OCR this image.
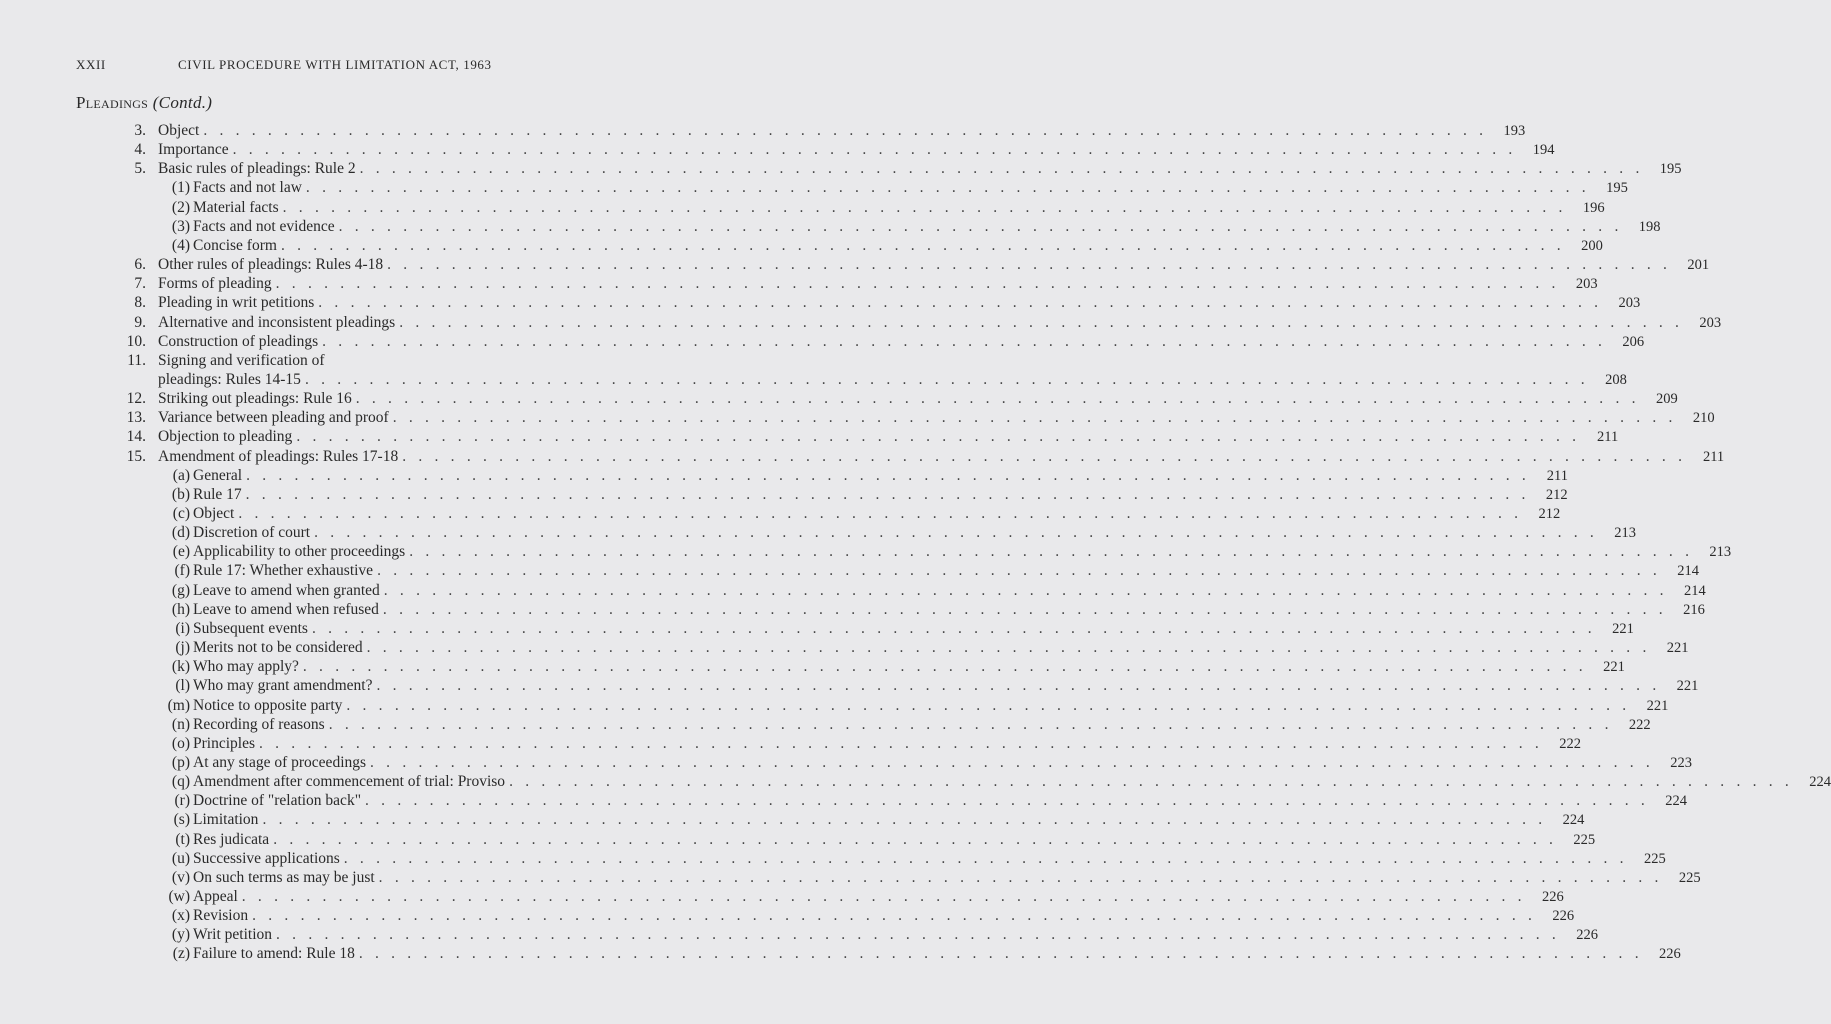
XXII	CIVIL PROCEDURE WITH LIMITATION ACT, 1963
Pleadings (Contd.)
3. Object . . . . . . . . . . . . . . . . . . . . . . . . . . . . . . . . . . . . . . . . . . . . . . . . . . . . . . . . . . . . . . . . . . . . . . . . . . . . . . . .	193
4. Importance . . . . . . . . . . . . . . . . . . . . . . . . . . . . . . . . . . . . . . . . . . . . . . . . . . . . . . . . . . . . . . . . . . . . . . . . . . . . . . . .	194
5. Basic rules of pleadings: Rule 2 . . . . . . . . . . . . . . . . . . . . . . . . . . . . . . . . . . . . . . . . . . . . . . . . . . . . . . . . . . . . . . . . . . . . . . . . . . . . . . . .	195
(1) Facts and not law . . . . . . . . . . . . . . . . . . . . . . . . . . . . . . . . . . . . . . . . . . . . . . . . . . . . . . . . . . . . . . . . . . . . . . . . . . . . . . . .	195
(2) Material facts . . . . . . . . . . . . . . . . . . . . . . . . . . . . . . . . . . . . . . . . . . . . . . . . . . . . . . . . . . . . . . . . . . . . . . . . . . . . . . . .	196
(3) Facts and not evidence . . . . . . . . . . . . . . . . . . . . . . . . . . . . . . . . . . . . . . . . . . . . . . . . . . . . . . . . . . . . . . . . . . . . . . . . . . . . . . . .	198
(4) Concise form . . . . . . . . . . . . . . . . . . . . . . . . . . . . . . . . . . . . . . . . . . . . . . . . . . . . . . . . . . . . . . . . . . . . . . . . . . . . . . . .	200
6. Other rules of pleadings: Rules 4-18 . . . . . . . . . . . . . . . . . . . . . . . . . . . . . . . . . . . . . . . . . . . . . . . . . . . . . . . . . . . . . . . . . . . . . . . . . . . . . . . .	201
7. Forms of pleading . . . . . . . . . . . . . . . . . . . . . . . . . . . . . . . . . . . . . . . . . . . . . . . . . . . . . . . . . . . . . . . . . . . . . . . . . . . . . . . .	203
8. Pleading in writ petitions . . . . . . . . . . . . . . . . . . . . . . . . . . . . . . . . . . . . . . . . . . . . . . . . . . . . . . . . . . . . . . . . . . . . . . . . . . . . . . . .	203
9. Alternative and inconsistent pleadings . . . . . . . . . . . . . . . . . . . . . . . . . . . . . . . . . . . . . . . . . . . . . . . . . . . . . . . . . . . . . . . . . . . . . . . . . . . . . . . .	203
10. Construction of pleadings . . . . . . . . . . . . . . . . . . . . . . . . . . . . . . . . . . . . . . . . . . . . . . . . . . . . . . . . . . . . . . . . . . . . . . . . . . . . . . . .	206
11. Signing and verification of
pleadings: Rules 14-15 . . . . . . . . . . . . . . . . . . . . . . . . . . . . . . . . . . . . . . . . . . . . . . . . . . . . . . . . . . . . . . . . . . . . . . . . . . . . . . . .	208
12. Striking out pleadings: Rule 16 . . . . . . . . . . . . . . . . . . . . . . . . . . . . . . . . . . . . . . . . . . . . . . . . . . . . . . . . . . . . . . . . . . . . . . . . . . . . . . . .	209
13. Variance between pleading and proof . . . . . . . . . . . . . . . . . . . . . . . . . . . . . . . . . . . . . . . . . . . . . . . . . . . . . . . . . . . . . . . . . . . . . . . . . . . . . . . .	210
14. Objection to pleading . . . . . . . . . . . . . . . . . . . . . . . . . . . . . . . . . . . . . . . . . . . . . . . . . . . . . . . . . . . . . . . . . . . . . . . . . . . . . . . .	211
15. Amendment of pleadings: Rules 17-18 . . . . . . . . . . . . . . . . . . . . . . . . . . . . . . . . . . . . . . . . . . . . . . . . . . . . . . . . . . . . . . . . . . . . . . . . . . . . . . . .	211
(a) General . . . . . . . . . . . . . . . . . . . . . . . . . . . . . . . . . . . . . . . . . . . . . . . . . . . . . . . . . . . . . . . . . . . . . . . . . . . . . . . .	211
(b) Rule 17 . . . . . . . . . . . . . . . . . . . . . . . . . . . . . . . . . . . . . . . . . . . . . . . . . . . . . . . . . . . . . . . . . . . . . . . . . . . . . . . .	212
(c) Object . . . . . . . . . . . . . . . . . . . . . . . . . . . . . . . . . . . . . . . . . . . . . . . . . . . . . . . . . . . . . . . . . . . . . . . . . . . . . . . .	212
(d) Discretion of court . . . . . . . . . . . . . . . . . . . . . . . . . . . . . . . . . . . . . . . . . . . . . . . . . . . . . . . . . . . . . . . . . . . . . . . . . . . . . . . .	213
(e) Applicability to other proceedings . . . . . . . . . . . . . . . . . . . . . . . . . . . . . . . . . . . . . . . . . . . . . . . . . . . . . . . . . . . . . . . . . . . . . . . . . . . . . . . .	213
(f) Rule 17: Whether exhaustive . . . . . . . . . . . . . . . . . . . . . . . . . . . . . . . . . . . . . . . . . . . . . . . . . . . . . . . . . . . . . . . . . . . . . . . . . . . . . . . .	214
(g) Leave to amend when granted . . . . . . . . . . . . . . . . . . . . . . . . . . . . . . . . . . . . . . . . . . . . . . . . . . . . . . . . . . . . . . . . . . . . . . . . . . . . . . . .	214
(h) Leave to amend when refused . . . . . . . . . . . . . . . . . . . . . . . . . . . . . . . . . . . . . . . . . . . . . . . . . . . . . . . . . . . . . . . . . . . . . . . . . . . . . . . .	216
(i) Subsequent events . . . . . . . . . . . . . . . . . . . . . . . . . . . . . . . . . . . . . . . . . . . . . . . . . . . . . . . . . . . . . . . . . . . . . . . . . . . . . . . .	221
(j) Merits not to be considered . . . . . . . . . . . . . . . . . . . . . . . . . . . . . . . . . . . . . . . . . . . . . . . . . . . . . . . . . . . . . . . . . . . . . . . . . . . . . . . .	221
(k) Who may apply? . . . . . . . . . . . . . . . . . . . . . . . . . . . . . . . . . . . . . . . . . . . . . . . . . . . . . . . . . . . . . . . . . . . . . . . . . . . . . . . .	221
(l) Who may grant amendment? . . . . . . . . . . . . . . . . . . . . . . . . . . . . . . . . . . . . . . . . . . . . . . . . . . . . . . . . . . . . . . . . . . . . . . . . . . . . . . . .	221
(m) Notice to opposite party . . . . . . . . . . . . . . . . . . . . . . . . . . . . . . . . . . . . . . . . . . . . . . . . . . . . . . . . . . . . . . . . . . . . . . . . . . . . . . . .	221
(n) Recording of reasons . . . . . . . . . . . . . . . . . . . . . . . . . . . . . . . . . . . . . . . . . . . . . . . . . . . . . . . . . . . . . . . . . . . . . . . . . . . . . . . .	222
(o) Principles . . . . . . . . . . . . . . . . . . . . . . . . . . . . . . . . . . . . . . . . . . . . . . . . . . . . . . . . . . . . . . . . . . . . . . . . . . . . . . . .	222
(p) At any stage of proceedings . . . . . . . . . . . . . . . . . . . . . . . . . . . . . . . . . . . . . . . . . . . . . . . . . . . . . . . . . . . . . . . . . . . . . . . . . . . . . . . .	223
(q) Amendment after commencement of trial: Proviso . . . . . . . . . . . . . . . . . . . . . . . . . . . . . . . . . . . . . . . . . . . . . . . . . . . . . . . . . . . . . . . . . . . . . . . . . . . . . . . .	224
(r) Doctrine of "relation back" . . . . . . . . . . . . . . . . . . . . . . . . . . . . . . . . . . . . . . . . . . . . . . . . . . . . . . . . . . . . . . . . . . . . . . . . . . . . . . . .	224
(s) Limitation . . . . . . . . . . . . . . . . . . . . . . . . . . . . . . . . . . . . . . . . . . . . . . . . . . . . . . . . . . . . . . . . . . . . . . . . . . . . . . . .	224
(t) Res judicata . . . . . . . . . . . . . . . . . . . . . . . . . . . . . . . . . . . . . . . . . . . . . . . . . . . . . . . . . . . . . . . . . . . . . . . . . . . . . . . .	225
(u) Successive applications . . . . . . . . . . . . . . . . . . . . . . . . . . . . . . . . . . . . . . . . . . . . . . . . . . . . . . . . . . . . . . . . . . . . . . . . . . . . . . . .	225
(v) On such terms as may be just . . . . . . . . . . . . . . . . . . . . . . . . . . . . . . . . . . . . . . . . . . . . . . . . . . . . . . . . . . . . . . . . . . . . . . . . . . . . . . . .	225
(w) Appeal . . . . . . . . . . . . . . . . . . . . . . . . . . . . . . . . . . . . . . . . . . . . . . . . . . . . . . . . . . . . . . . . . . . . . . . . . . . . . . . .	226
(x) Revision . . . . . . . . . . . . . . . . . . . . . . . . . . . . . . . . . . . . . . . . . . . . . . . . . . . . . . . . . . . . . . . . . . . . . . . . . . . . . . . .	226
(y) Writ petition . . . . . . . . . . . . . . . . . . . . . . . . . . . . . . . . . . . . . . . . . . . . . . . . . . . . . . . . . . . . . . . . . . . . . . . . . . . . . . . .	226
(z) Failure to amend: Rule 18 . . . . . . . . . . . . . . . . . . . . . . . . . . . . . . . . . . . . . . . . . . . . . . . . . . . . . . . . . . . . . . . . . . . . . . . . . . . . . . . .	226
